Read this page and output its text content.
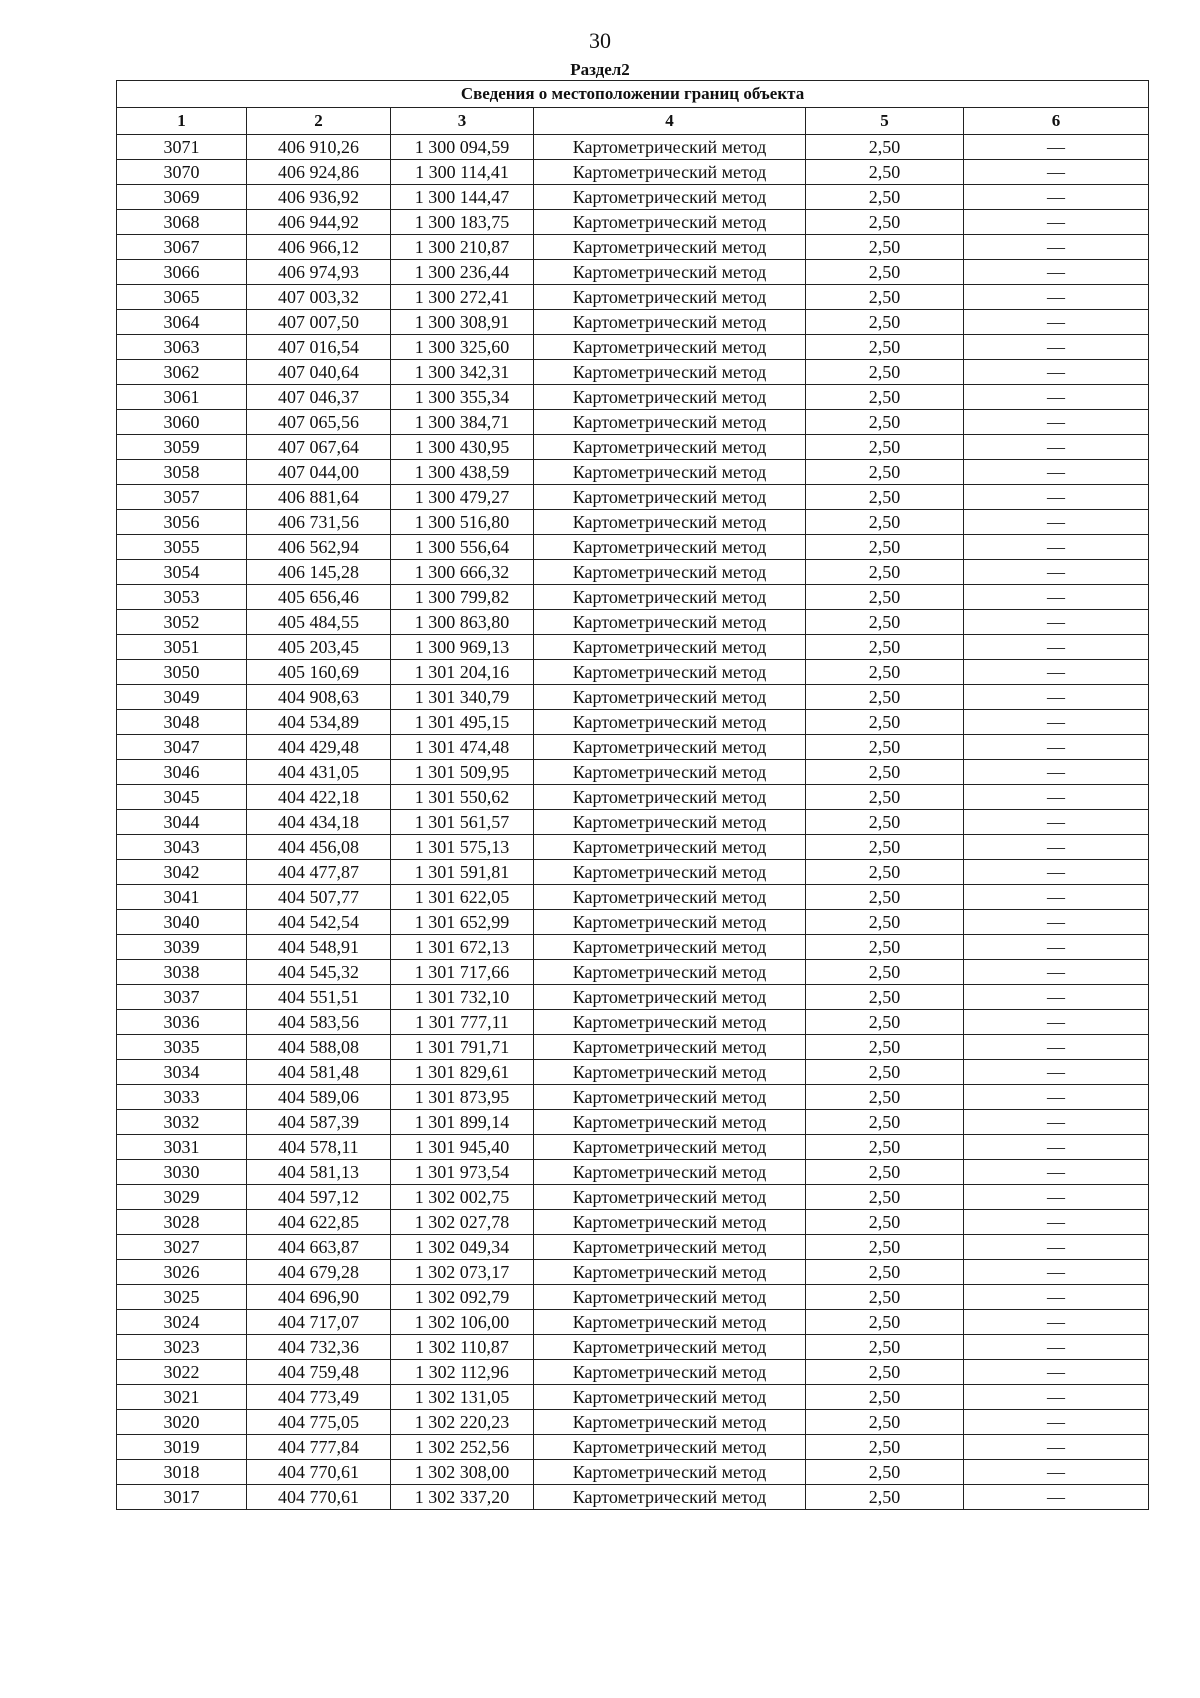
30
Раздел2
Сведения о местоположении границ объекта					
1	2	3	4	5	6
3071	406 910,26	1 300 094,59	Картометрический метод	2,50	—
3070	406 924,86	1 300 114,41	Картометрический метод	2,50	—
3069	406 936,92	1 300 144,47	Картометрический метод	2,50	—
3068	406 944,92	1 300 183,75	Картометрический метод	2,50	—
3067	406 966,12	1 300 210,87	Картометрический метод	2,50	—
3066	406 974,93	1 300 236,44	Картометрический метод	2,50	—
3065	407 003,32	1 300 272,41	Картометрический метод	2,50	—
3064	407 007,50	1 300 308,91	Картометрический метод	2,50	—
3063	407 016,54	1 300 325,60	Картометрический метод	2,50	—
3062	407 040,64	1 300 342,31	Картометрический метод	2,50	—
3061	407 046,37	1 300 355,34	Картометрический метод	2,50	—
3060	407 065,56	1 300 384,71	Картометрический метод	2,50	—
3059	407 067,64	1 300 430,95	Картометрический метод	2,50	—
3058	407 044,00	1 300 438,59	Картометрический метод	2,50	—
3057	406 881,64	1 300 479,27	Картометрический метод	2,50	—
3056	406 731,56	1 300 516,80	Картометрический метод	2,50	—
3055	406 562,94	1 300 556,64	Картометрический метод	2,50	—
3054	406 145,28	1 300 666,32	Картометрический метод	2,50	—
3053	405 656,46	1 300 799,82	Картометрический метод	2,50	—
3052	405 484,55	1 300 863,80	Картометрический метод	2,50	—
3051	405 203,45	1 300 969,13	Картометрический метод	2,50	—
3050	405 160,69	1 301 204,16	Картометрический метод	2,50	—
3049	404 908,63	1 301 340,79	Картометрический метод	2,50	—
3048	404 534,89	1 301 495,15	Картометрический метод	2,50	—
3047	404 429,48	1 301 474,48	Картометрический метод	2,50	—
3046	404 431,05	1 301 509,95	Картометрический метод	2,50	—
3045	404 422,18	1 301 550,62	Картометрический метод	2,50	—
3044	404 434,18	1 301 561,57	Картометрический метод	2,50	—
3043	404 456,08	1 301 575,13	Картометрический метод	2,50	—
3042	404 477,87	1 301 591,81	Картометрический метод	2,50	—
3041	404 507,77	1 301 622,05	Картометрический метод	2,50	—
3040	404 542,54	1 301 652,99	Картометрический метод	2,50	—
3039	404 548,91	1 301 672,13	Картометрический метод	2,50	—
3038	404 545,32	1 301 717,66	Картометрический метод	2,50	—
3037	404 551,51	1 301 732,10	Картометрический метод	2,50	—
3036	404 583,56	1 301 777,11	Картометрический метод	2,50	—
3035	404 588,08	1 301 791,71	Картометрический метод	2,50	—
3034	404 581,48	1 301 829,61	Картометрический метод	2,50	—
3033	404 589,06	1 301 873,95	Картометрический метод	2,50	—
3032	404 587,39	1 301 899,14	Картометрический метод	2,50	—
3031	404 578,11	1 301 945,40	Картометрический метод	2,50	—
3030	404 581,13	1 301 973,54	Картометрический метод	2,50	—
3029	404 597,12	1 302 002,75	Картометрический метод	2,50	—
3028	404 622,85	1 302 027,78	Картометрический метод	2,50	—
3027	404 663,87	1 302 049,34	Картометрический метод	2,50	—
3026	404 679,28	1 302 073,17	Картометрический метод	2,50	—
3025	404 696,90	1 302 092,79	Картометрический метод	2,50	—
3024	404 717,07	1 302 106,00	Картометрический метод	2,50	—
3023	404 732,36	1 302 110,87	Картометрический метод	2,50	—
3022	404 759,48	1 302 112,96	Картометрический метод	2,50	—
3021	404 773,49	1 302 131,05	Картометрический метод	2,50	—
3020	404 775,05	1 302 220,23	Картометрический метод	2,50	—
3019	404 777,84	1 302 252,56	Картометрический метод	2,50	—
3018	404 770,61	1 302 308,00	Картометрический метод	2,50	—
3017	404 770,61	1 302 337,20	Картометрический метод	2,50	—
